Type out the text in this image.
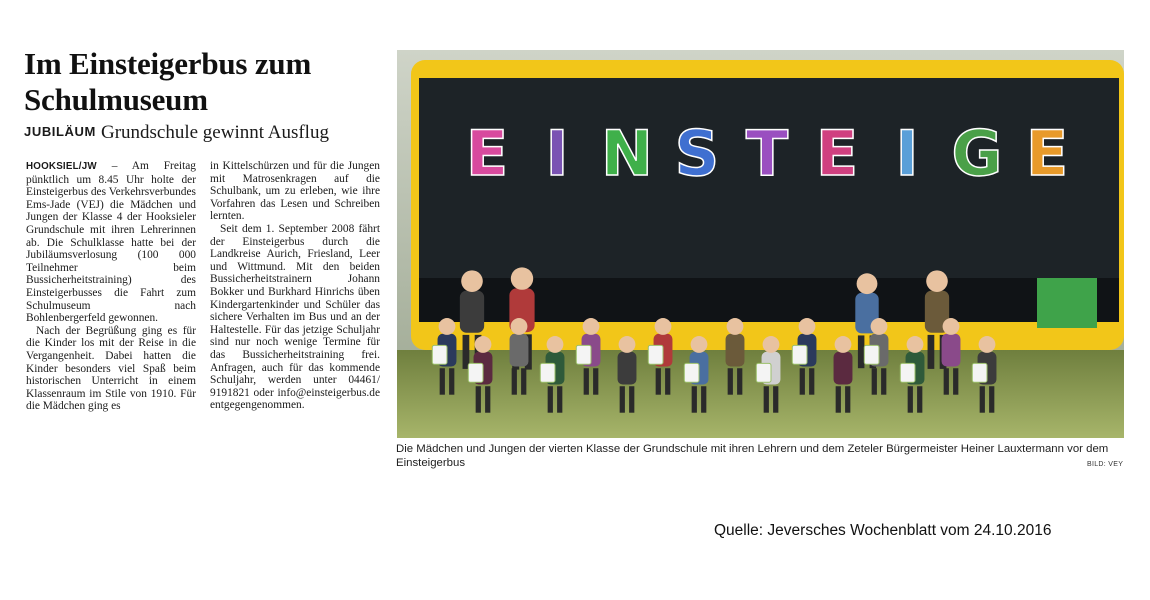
Im Einsteigerbus zum Schulmuseum
JUBILÄUM Grundschule gewinnt Ausflug

HOOKSIEL/JW – Am Freitag pünktlich um 8.45 Uhr holte der Einsteigerbus des Verkehrsverbundes Ems-Jade (VEJ) die Mädchen und Jungen der Klasse 4 der Hooksieler Grundschule mit ihren Lehrerinnen ab. Die Schulklasse hatte bei der Jubiläumsverlosung (100 000 Teilnehmer beim Bussicherheitstraining) des Einsteigerbusses die Fahrt zum Schulmuseum nach Bohlenbergerfeld gewonnen.

Nach der Begrüßung ging es für die Kinder los mit der Reise in die Vergangenheit. Dabei hatten die Kinder besonders viel Spaß beim historischen Unterricht in einem Klassenraum im Stile von 1910. Für die Mädchen ging es

in Kittelschürzen und für die Jungen mit Matrosenkragen auf die Schulbank, um zu erleben, wie ihre Vorfahren das Lesen und Schreiben lernten.

Seit dem 1. September 2008 fährt der Einsteigerbus durch die Landkreise Aurich, Friesland, Leer und Wittmund. Mit den beiden Bussicherheitstrainern Johann Bokker und Burkhard Hinrichs üben Kindergartenkinder und Schüler das sichere Verhalten im Bus und an der Haltestelle. Für das jetzige Schuljahr sind nur noch wenige Termine für das Bussicherheitstraining frei. Anfragen, auch für das kommende Schuljahr, werden unter 04461/ 9191821 oder info@einsteigerbus.de entgegengenommen.

E I N S T E I G E
Die Mädchen und Jungen der vierten Klasse der Grundschule mit ihren Lehrern und dem Zeteler Bürgermeister Heiner Lauxtermann vor dem Einsteigerbus	BILD: VEY
Quelle: Jeversches Wochenblatt vom 24.10.2016
